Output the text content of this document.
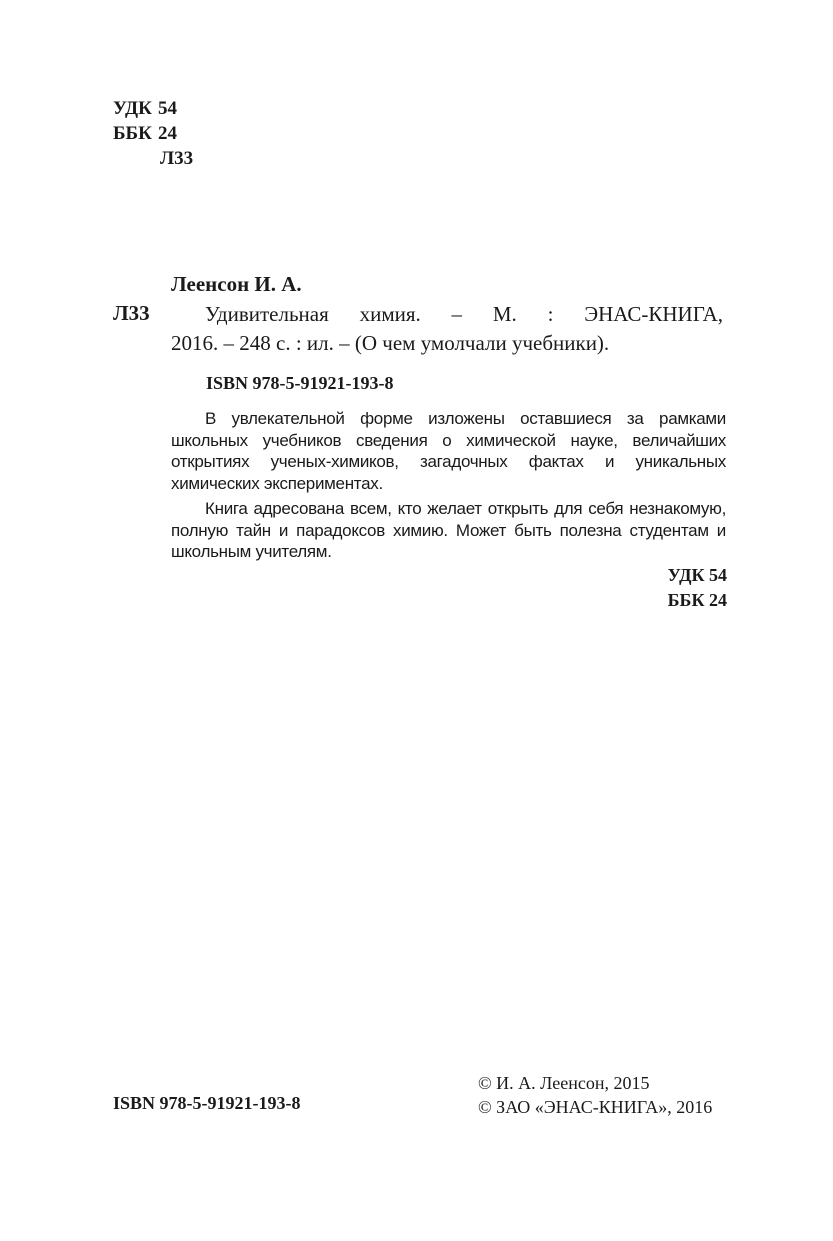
УДК 54
ББК 24
Л33
Леенсон И. А.
Л33	Удивительная химия. – М. : ЭНАС-КНИГА,
2016. – 248 с. : ил. – (О чем умолчали учебники).
ISBN 978-5-91921-193-8

В увлекательной форме изложены оставшиеся за рамками школьных учебников сведения о химической науке, величайших открытиях ученых-химиков, загадочных фактах и уникальных химических экспериментах.

Книга адресована всем, кто желает открыть для себя незнакомую, полную тайн и парадоксов химию. Может быть полезна студентам и школьным учителям.

УДК 54
ББК 24
ISBN 978-5-91921-193-8
© И. А. Леенсон, 2015
© ЗАО «ЭНАС-КНИГА», 2016
